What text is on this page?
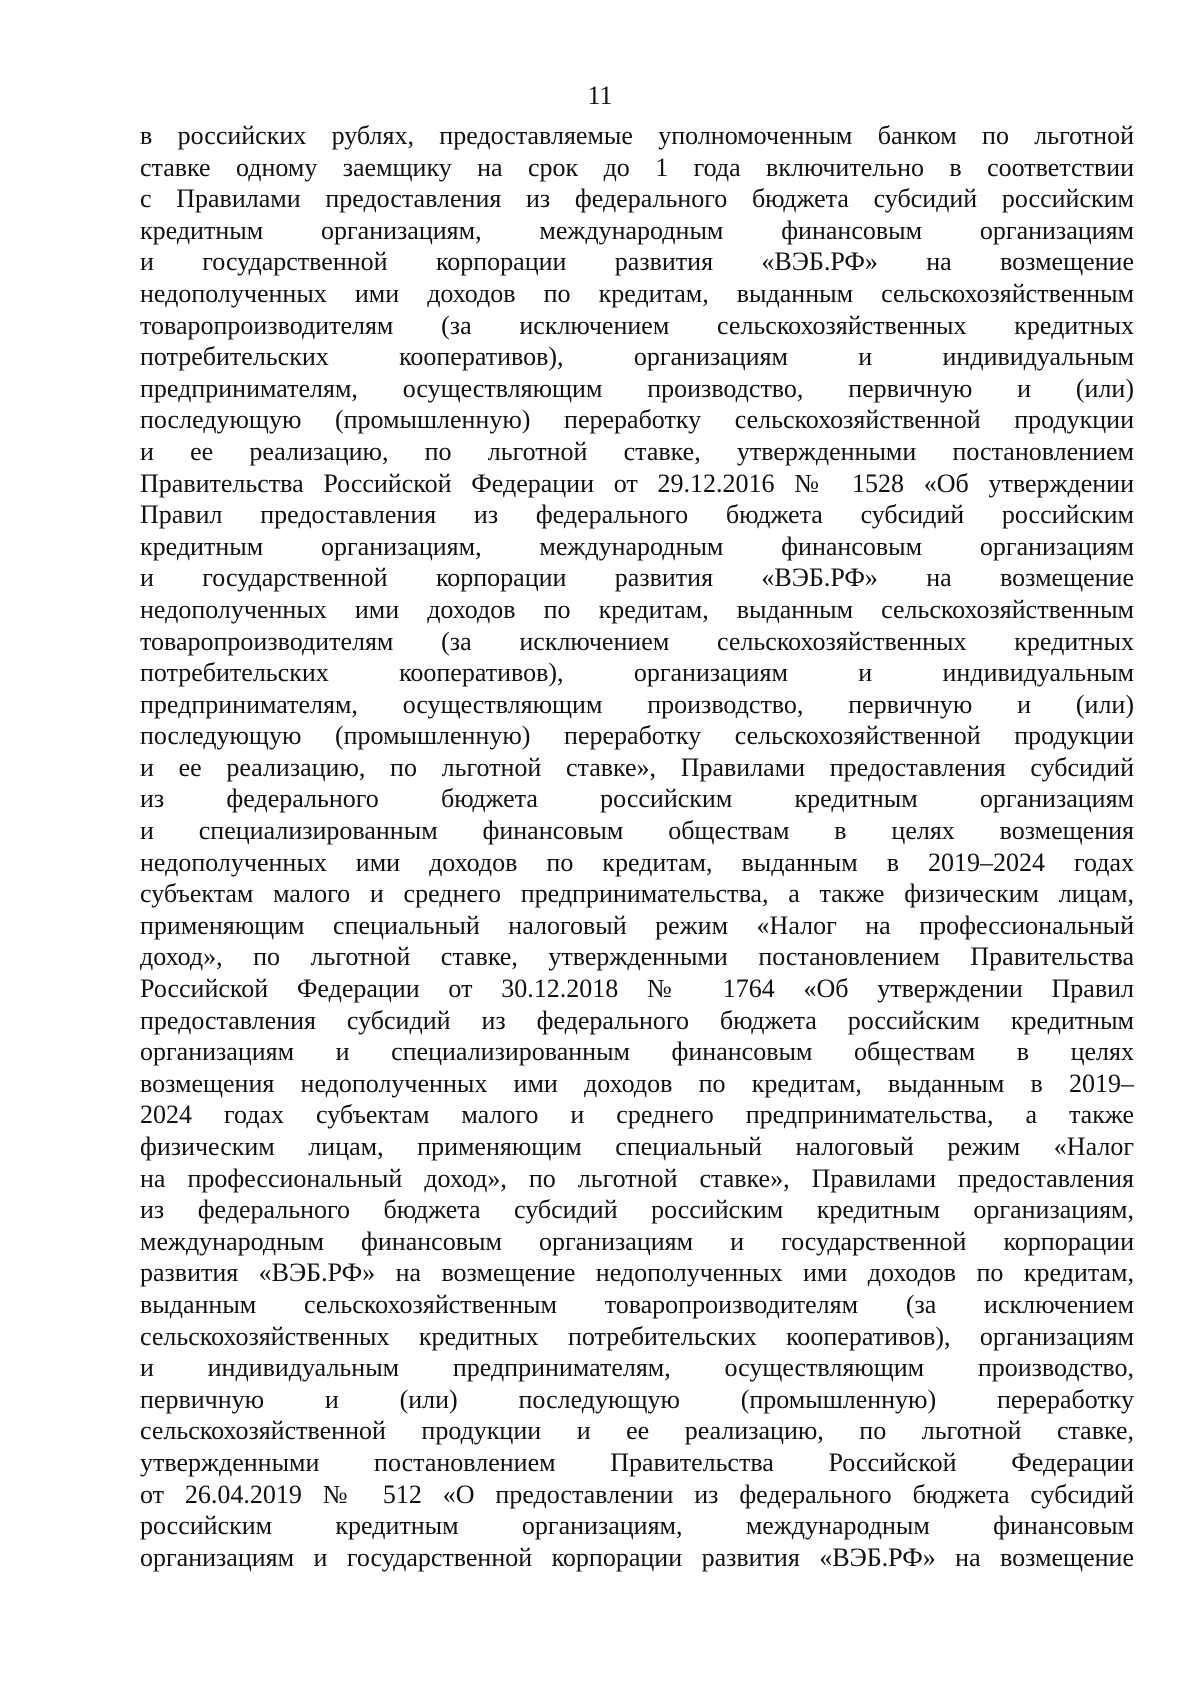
11

в российских рублях, предоставляемые уполномоченным банком по льготной
ставке одному заемщику на срок до 1 года включительно в соответствии
с Правилами предоставления из федерального бюджета субсидий российским
кредитным организациям, международным финансовым организациям
и государственной корпорации развития «ВЭБ.РФ» на возмещение
недополученных ими доходов по кредитам, выданным сельскохозяйственным
товаропроизводителям (за исключением сельскохозяйственных кредитных
потребительских кооперативов), организациям и индивидуальным
предпринимателям, осуществляющим производство, первичную и (или)
последующую (промышленную) переработку сельскохозяйственной продукции
и ее реализацию, по льготной ставке, утвержденными постановлением
Правительства Российской Федерации от 29.12.2016 № 1528 «Об утверждении
Правил предоставления из федерального бюджета субсидий российским
кредитным организациям, международным финансовым организациям
и государственной корпорации развития «ВЭБ.РФ» на возмещение
недополученных ими доходов по кредитам, выданным сельскохозяйственным
товаропроизводителям (за исключением сельскохозяйственных кредитных
потребительских кооперативов), организациям и индивидуальным
предпринимателям, осуществляющим производство, первичную и (или)
последующую (промышленную) переработку сельскохозяйственной продукции
и ее реализацию, по льготной ставке», Правилами предоставления субсидий
из федерального бюджета российским кредитным организациям
и специализированным финансовым обществам в целях возмещения
недополученных ими доходов по кредитам, выданным в 2019–2024 годах
субъектам малого и среднего предпринимательства, а также физическим лицам,
применяющим специальный налоговый режим «Налог на профессиональный
доход», по льготной ставке, утвержденными постановлением Правительства
Российской Федерации от 30.12.2018 № 1764 «Об утверждении Правил
предоставления субсидий из федерального бюджета российским кредитным
организациям и специализированным финансовым обществам в целях
возмещения недополученных ими доходов по кредитам, выданным в 2019–
2024 годах субъектам малого и среднего предпринимательства, а также
физическим лицам, применяющим специальный налоговый режим «Налог
на профессиональный доход», по льготной ставке», Правилами предоставления
из федерального бюджета субсидий российским кредитным организациям,
международным финансовым организациям и государственной корпорации
развития «ВЭБ.РФ» на возмещение недополученных ими доходов по кредитам,
выданным сельскохозяйственным товаропроизводителям (за исключением
сельскохозяйственных кредитных потребительских кооперативов), организациям
и индивидуальным предпринимателям, осуществляющим производство,
первичную и (или) последующую (промышленную) переработку
сельскохозяйственной продукции и ее реализацию, по льготной ставке,
утвержденными постановлением Правительства Российской Федерации
от 26.04.2019 № 512 «О предоставлении из федерального бюджета субсидий
российским кредитным организациям, международным финансовым
организациям и государственной корпорации развития «ВЭБ.РФ» на возмещение
